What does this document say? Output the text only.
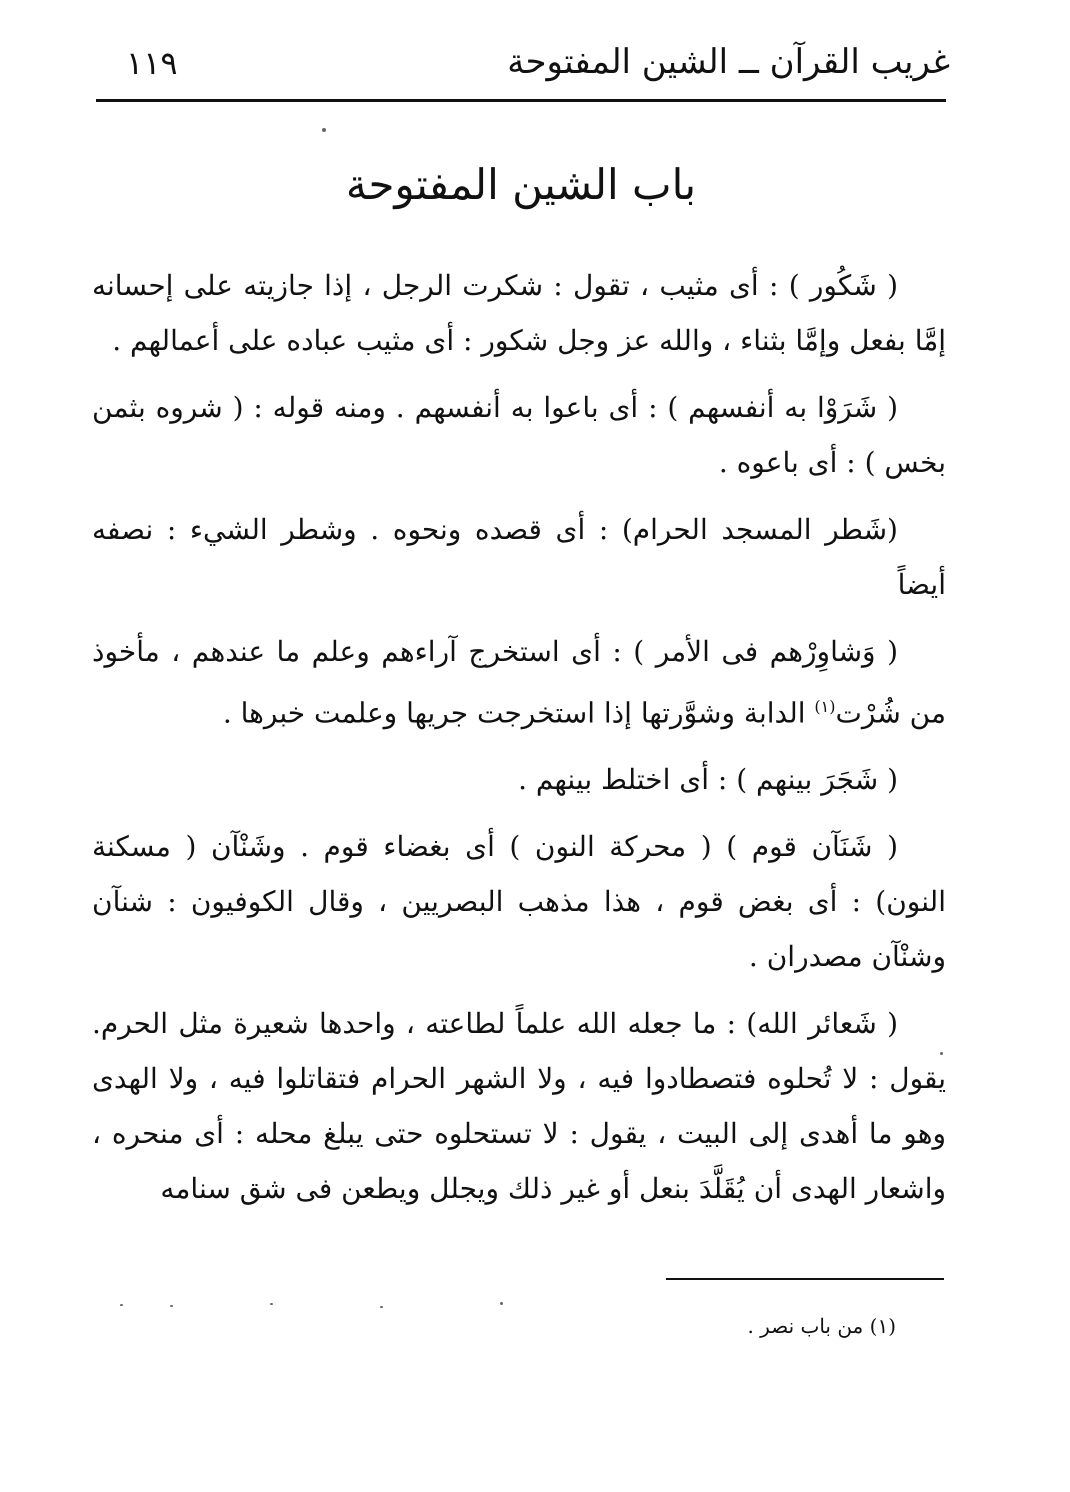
غريب القرآن ــ الشين المفتوحة
١١٩
باب الشين المفتوحة

( شَكُور ) : أى مثيب ، تقول : شكرت الرجل ، إذا جازيته على إحسانه إمَّا بفعل وإمَّا بثناء ، والله عز وجل شكور : أى مثيب عباده على أعمالهم .

( شَرَوْا به أنفسهم ) : أى باعوا به أنفسهم . ومنه قوله : ( شروه بثمن بخس ) : أى باعوه .

(شَطر المسجد الحرام) : أى قصده ونحوه . وشطر الشيء : نصفه أيضاً

( وَشاوِرْهم فى الأمر ) : أى استخرج آراءهم وعلم ما عندهم ، مأخوذ من شُرْت$^{(١)}$ الدابة وشوَّرتها إذا استخرجت جريها وعلمت خبرها .

( شَجَرَ بينهم ) : أى اختلط بينهم .

( شَنَآن قوم ) ( محركة النون ) أى بغضاء قوم . وشَنْآن ( مسكنة النون) : أى بغض قوم ، هذا مذهب البصريين ، وقال الكوفيون : شنآن وشنْآن مصدران .

( شَعائر الله) : ما جعله الله علماً لطاعته ، واحدها شعيرة مثل الحرم. يقول : لا تُحلوه فتصطادوا فيه ، ولا الشهر الحرام فتقاتلوا فيه ، ولا الهدى وهو ما أهدى إلى البيت ، يقول : لا تستحلوه حتى يبلغ محله : أى منحره ، واشعار الهدى أن يُقَلَّدَ بنعل أو غير ذلك ويجلل ويطعن فى شق سنامه

(١) من باب نصر .
